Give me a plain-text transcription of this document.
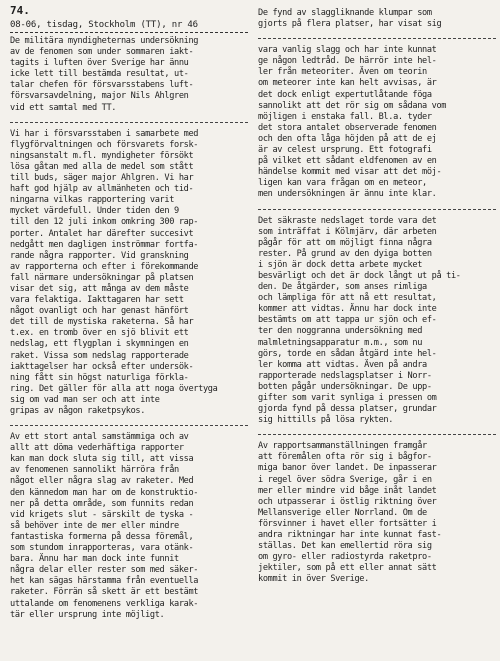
74.
08-06, tisdag, Stockholm (TT), nr 46

De militära myndigheternas undersökning
av de fenomen som under sommaren iakt-
tagits i luften över Sverige har ännu
icke lett till bestämda resultat, ut-
talar chefen för försvarsstabens luft-
försvarsavdelning, major Nils Ahlgren
vid ett samtal med TT.

Vi har i försvarsstaben i samarbete med
flygförvaltningen och försvarets forsk-
ningsanstalt m.fl. myndigheter försökt
lösa gåtan med alla de medel som stått
till buds, säger major Ahlgren. Vi har
haft god hjälp av allmänheten och tid-
ningarna vilkas rapportering varit
mycket värdefull. Under tiden den 9
till den 12 juli inkom omkring 300 rap-
porter. Antalet har därefter succesivt
nedgått men dagligen inströmmar fortfa-
rande några rapporter. Vid granskning
av rapporterna och efter i förekommande
fall närmare undersökningar på platsen
visar det sig, att många av dem måste
vara felaktiga. Iakttagaren har sett
något ovanligt och har genast hänfört
det till de mystiska raketerna. Så har
t.ex. en tromb över en sjö blivit ett
nedslag, ett flygplan i skymningen en
raket. Vissa som nedslag rapporterade
iakttagelser har också efter undersök-
ning fått sin högst naturliga förkla-
ring. Det gäller för alla att noga övertyga
sig om vad man ser och att inte
gripas av någon raketpsykos.

Av ett stort antal samstämmiga och av
allt att döma vederhäftiga rapporter
kan man dock sluta sig till, att vissa
av fenomenen sannolikt härröra från
något eller några slag av raketer. Med
den kännedom man har om de konstruktio-
ner på detta område, som funnits redan
vid krigets slut - särskilt de tyska -
så behöver inte de mer eller mindre
fantastiska formerna på dessa föremål,
som stundom inrapporteras, vara otänk-
bara. Ännu har man dock inte funnit
några delar eller rester som med säker-
het kan sägas härstamma från eventuella
raketer. Förrän så skett är ett bestämt
uttalande om fenomenens verkliga karak-
tär eller ursprung inte möjligt.

De fynd av slaggliknande klumpar som
gjorts på flera platser, har visat sig

vara vanlig slagg och har inte kunnat
ge någon ledtråd. De härrör inte hel-
ler från meteoriter. Även om teorin
om meteorer inte kan helt avvisas, är
det dock enligt expertutlåtande föga
sannolikt att det rör sig om sådana vom
möjligen i enstaka fall. Bl.a. tyder
det stora antalet observerade fenomen
och den ofta låga höjden på att de ej
är av celest ursprung. Ett fotografi
på vilket ett sådant eldfenomen av en
händelse kommit med visar att det möj-
ligen kan vara frågan om en meteor,
men undersökningen är ännu inte klar.

Det säkraste nedslaget torde vara det
som inträffat i Kölmjärv, där arbeten
pågår för att om möjligt finna några
rester. På grund av den dyiga botten
i sjön är dock detta arbete mycket
besvärligt och det är dock långt ut på ti-
den. De åtgärder, som anses rimliga
och lämpliga för att nå ett resultat,
kommer att vidtas. Ännu har dock inte
bestämts om att tappa ur sjön och ef-
ter den noggranna undersökning med
malmletningsapparatur m.m., som nu
görs, torde en sådan åtgärd inte hel-
ler komma att vidtas. Även på andra
rapporterade nedslagsplatser i Norr-
botten pågår undersökningar. De upp-
gifter som varit synliga i pressen om
gjorda fynd på dessa platser, grundar
sig hittills på lösa rykten.

Av rapportsammanställningen framgår
att föremålen ofta rör sig i bågfor-
miga banor över landet. De inpasserar
i regel över södra Sverige, går i en
mer eller mindre vid båge inåt landet
och utpasserar i östlig riktning över
Mellansverige eller Norrland. Om de
försvinner i havet eller fortsätter i
andra riktningar har inte kunnat fast-
ställas. Det kan emellertid röra sig
om gyro- eller radiostyrda raketpro-
jektiler, som på ett eller annat sätt
kommit in över Sverige.
